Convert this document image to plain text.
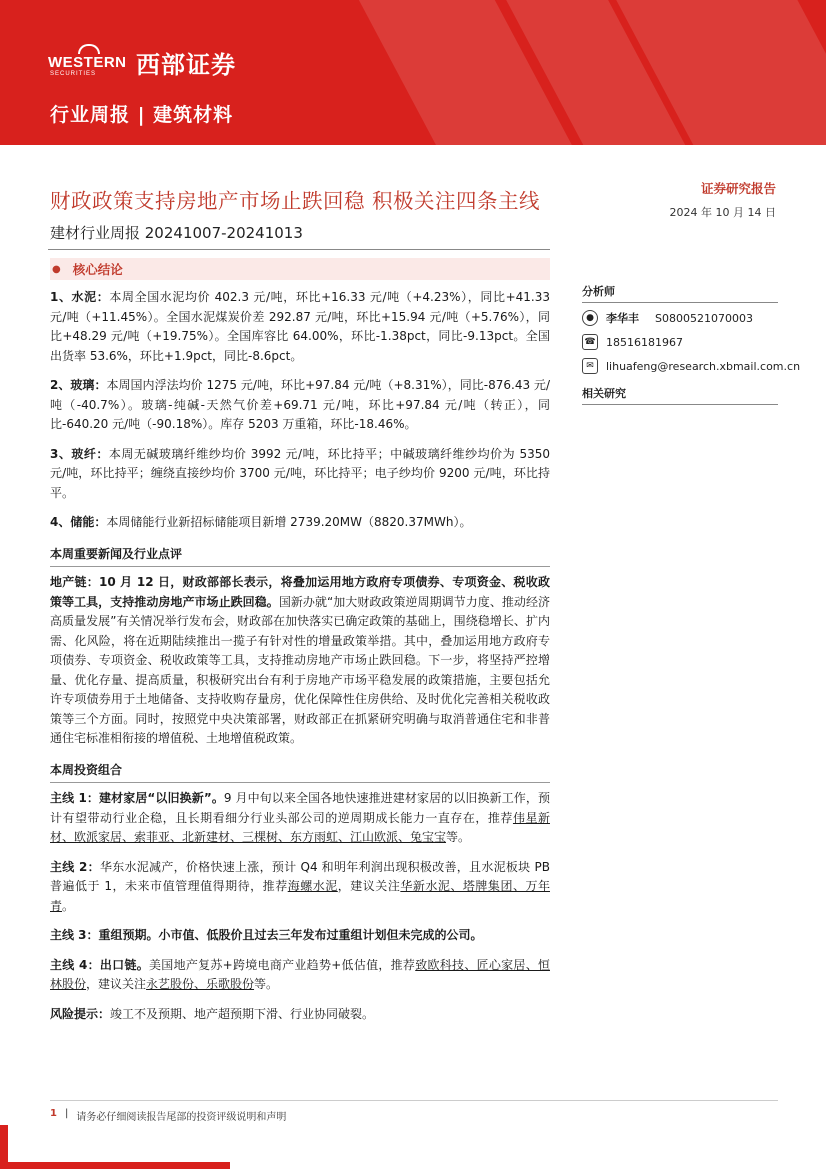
WESTERN
SECURITIES 西部证券
行业周报 | 建筑材料
财政政策支持房地产市场止跌回稳 积极关注四条主线
建材行业周报 20241007-20241013
证券研究报告
2024 年 10 月 14 日
● 核心结论

1、水泥：本周全国水泥均价 402.3 元/吨，环比+16.33 元/吨（+4.23%），同比+41.33 元/吨（+11.45%）。全国水泥煤炭价差 292.87 元/吨，环比+15.94 元/吨（+5.76%），同比+48.29 元/吨（+19.75%）。全国库容比 64.00%，环比-1.38pct，同比-9.13pct。全国出货率 53.6%，环比+1.9pct，同比-8.6pct。

2、玻璃：本周国内浮法均价 1275 元/吨，环比+97.84 元/吨（+8.31%），同比-876.43 元/吨（-40.7%）。玻璃-纯碱-天然气价差+69.71 元/吨，环比+97.84 元/吨（转正），同比-640.20 元/吨（-90.18%）。库存 5203 万重箱，环比-18.46%。

3、玻纤：本周无碱玻璃纤维纱均价 3992 元/吨，环比持平；中碱玻璃纤维纱均价为 5350 元/吨，环比持平；缠绕直接纱均价 3700 元/吨，环比持平；电子纱均价 9200 元/吨，环比持平。

4、储能：本周储能行业新招标储能项目新增 2739.20MW（8820.37MWh）。

本周重要新闻及行业点评

地产链：10 月 12 日，财政部部长表示，将叠加运用地方政府专项债券、专项资金、税收政策等工具，支持推动房地产市场止跌回稳。国新办就“加大财政政策逆周期调节力度、推动经济高质量发展”有关情况举行发布会，财政部在加快落实已确定政策的基础上，围绕稳增长、扩内需、化风险，将在近期陆续推出一揽子有针对性的增量政策举措。其中，叠加运用地方政府专项债券、专项资金、税收政策等工具，支持推动房地产市场止跌回稳。下一步，将坚持严控增量、优化存量、提高质量，积极研究出台有利于房地产市场平稳发展的政策措施，主要包括允许专项债券用于土地储备、支持收购存量房，优化保障性住房供给、及时优化完善相关税收政策等三个方面。同时，按照党中央决策部署，财政部正在抓紧研究明确与取消普通住宅和非普通住宅标准相衔接的增值税、土地增值税政策。

本周投资组合

主线 1：建材家居“以旧换新”。9 月中旬以来全国各地快速推进建材家居的以旧换新工作，预计有望带动行业企稳，且长期看细分行业头部公司的逆周期成长能力一直存在，推荐伟星新材、欧派家居、索菲亚、北新建材、三棵树、东方雨虹、江山欧派、兔宝宝等。

主线 2：华东水泥减产，价格快速上涨，预计 Q4 和明年利润出现积极改善，且水泥板块 PB 普遍低于 1，未来市值管理值得期待，推荐海螺水泥，建议关注华新水泥、塔牌集团、万年青。

主线 3：重组预期。小市值、低股价且过去三年发布过重组计划但未完成的公司。

主线 4：出口链。美国地产复苏+跨境电商产业趋势+低估值，推荐致欧科技、匠心家居、恒林股份，建议关注永艺股份、乐歌股份等。

风险提示：竣工不及预期、地产超预期下滑、行业协同破裂。

分析师
●	李华丰 S0800521070003
☎ 18516181967
✉	lihuafeng@research.xbmail.com.cn
相关研究
1 | 请务必仔细阅读报告尾部的投资评级说明和声明
